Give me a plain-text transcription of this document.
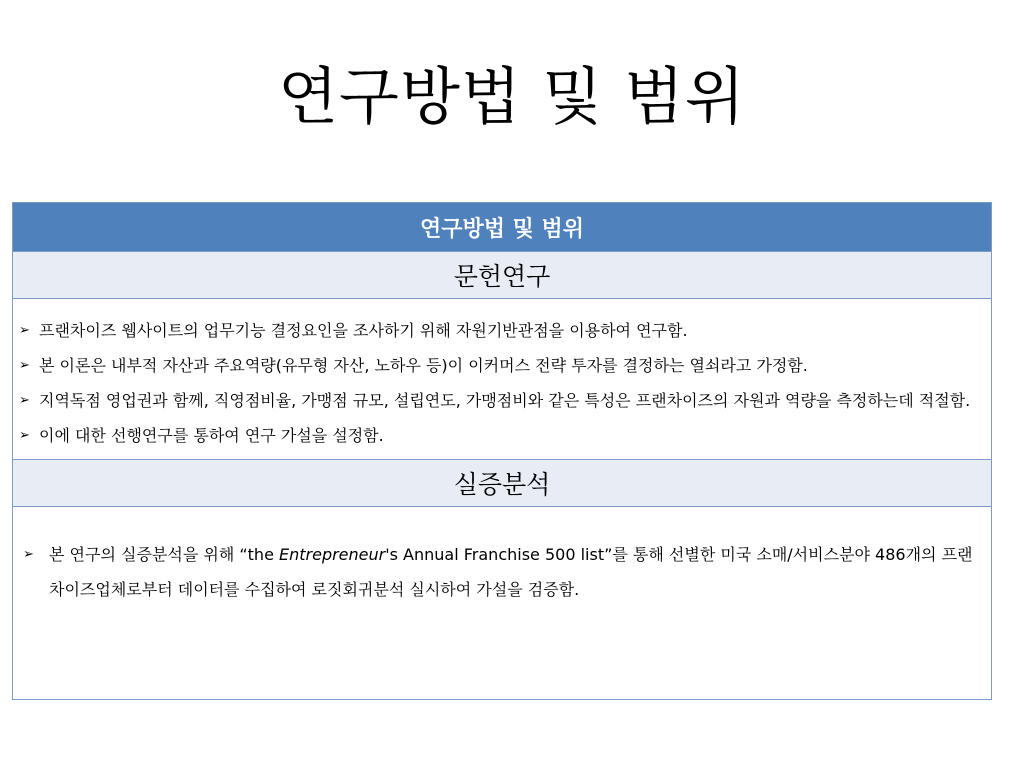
연구방법 및 범위
연구방법 및 범위
문헌연구

➢ 프랜차이즈 웹사이트의 업무기능 결정요인을 조사하기 위해 자원기반관점을 이용하여 연구함.
➢ 본 이론은 내부적 자산과 주요역량(유무형 자산, 노하우 등)이 이커머스 전략 투자를 결정하는 열쇠라고 가정함.
➢ 지역독점 영업권과 함께, 직영점비율, 가맹점 규모, 설립연도, 가맹점비와 같은 특성은 프랜차이즈의 자원과 역량을 측정하는데 적절함.
➢ 이에 대한 선행연구를 통하여 연구 가설을 설정함.

실증분석

➢ 본 연구의 실증분석을 위해 “the Entrepreneur's Annual Franchise 500 list”를 통해 선별한 미국 소매/서비스분야 486개의 프랜차이즈업체로부터 데이터를 수집하여 로짓회귀분석 실시하여 가설을 검증함.
